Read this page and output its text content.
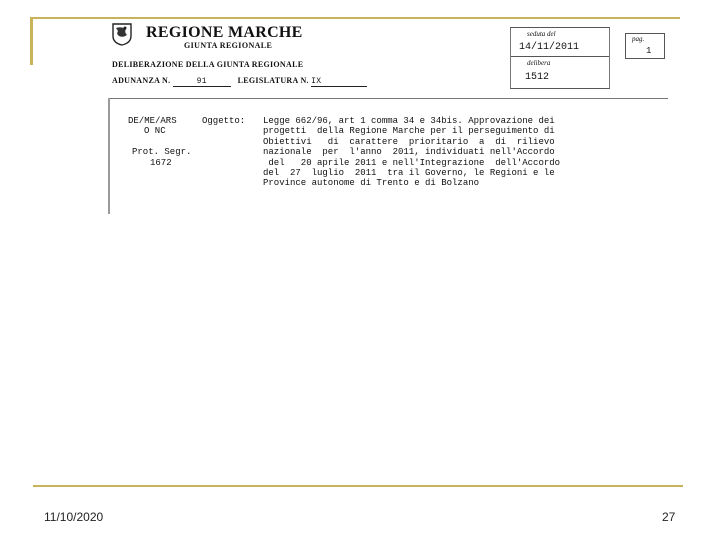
REGIONE MARCHE
GIUNTA REGIONALE
DELIBERAZIONE DELLA GIUNTA REGIONALE
ADUNANZA N.	91	LEGISLATURA N. IX
seduta del
14/11/2011
delibera
1512
pag.
1
DE/ME/ARS
O NC

Prot. Segr.
1672
Oggetto: Legge 662/96, art 1 comma 34 e 34bis. Approvazione dei
progetti  della Regione Marche per il perseguimento di
Obiettivi   di  carattere  prioritario  a  di  rilievo
nazionale  per  l'anno  2011, individuati nell'Accordo
del   20 aprile 2011 e nell'Integrazione  dell'Accordo
del  27  luglio  2011  tra il Governo, le Regioni e le
Province autonome di Trento e di Bolzano
11/10/2020	27
